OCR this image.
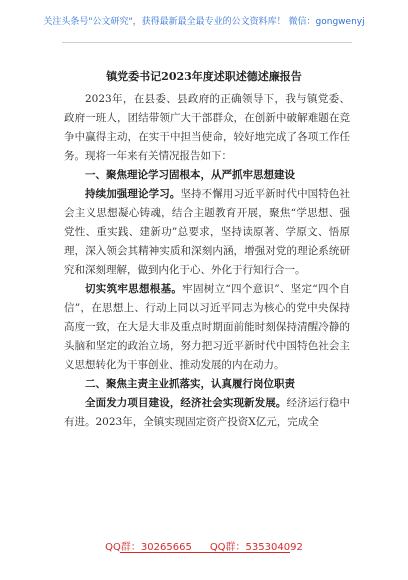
关注头条号"公文研究"，获得最新最全最专业的公文资料库！ 微信：gongwenyj
镇党委书记2023年度述职述德述廉报告

2023年，在县委、县政府的正确领导下，我与镇党委、政府一班人，团结带领广大干部群众，在创新中破解难题在竞争中赢得主动，在实干中担当使命，较好地完成了各项工作任务。现将一年来有关情况报告如下：

一、聚焦理论学习固根本，从严抓牢思想建设

持续加强理论学习。坚持不懈用习近平新时代中国特色社会主义思想凝心铸魂，结合主题教育开展，聚焦“学思想、强党性、重实践、建新功”总要求，坚持读原著、学原文、悟原理，深入领会其精神实质和深刻内涵，增强对党的理论系统研究和深刻理解，做到内化于心、外化于行知行合一。

切实筑牢思想根基。牢固树立“四个意识”、坚定“四个自信”，在思想上、行动上同以习近平同志为核心的党中央保持高度一致，在大是大非及重点时期面前能时刻保持清醒冷静的头脑和坚定的政治立场，努力把习近平新时代中国特色社会主义思想转化为干事创业、推动发展的内在动力。

二、聚焦主责主业抓落实，认真履行岗位职责

全面发力项目建设，经济社会实现新发展。经济运行稳中有进。2023年，全镇实现固定资产投资X亿元，完成全

QQ群：30265665 QQ群：535304092
